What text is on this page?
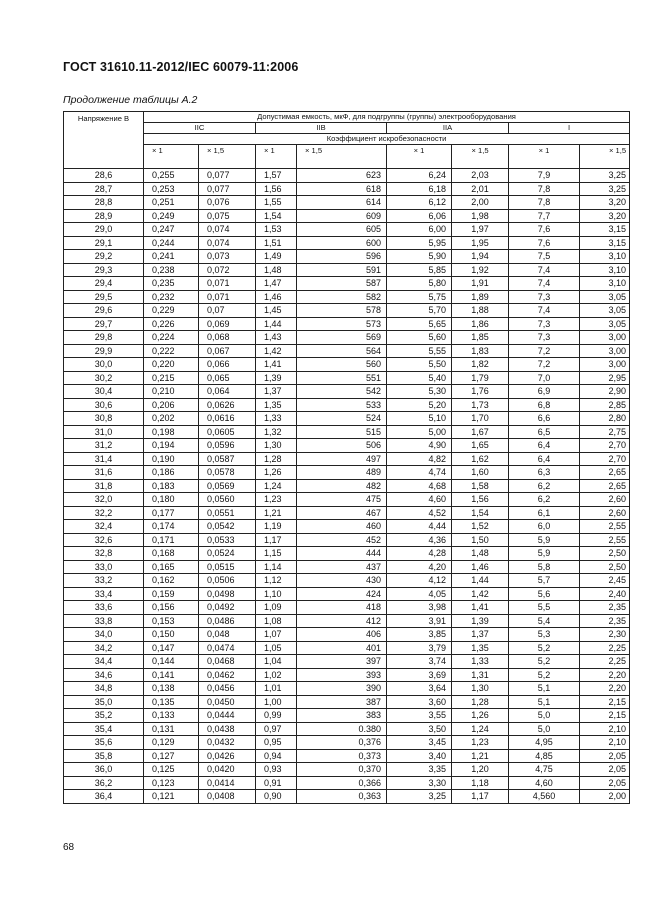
ГОСТ 31610.11-2012/IEC 60079-11:2006
Продолжение таблицы А.2
Напряжение В	Допустимая емкость, мкФ, для подгруппы (группы) электрооборудования							
	IIC		IIB		IIA		I	
	Коэффициент искробезопасности							
	× 1	× 1,5	× 1	× 1,5	× 1	× 1,5	× 1	× 1,5
28,6	0,255	0,077	1,57	623	6,24	2,03	7,9	3,25
28,7	0,253	0,077	1,56	618	6,18	2,01	7,8	3,25
28,8	0,251	0,076	1,55	614	6,12	2,00	7,8	3,20
28,9	0,249	0,075	1,54	609	6,06	1,98	7,7	3,20
29,0	0,247	0,074	1,53	605	6,00	1,97	7,6	3,15
29,1	0,244	0,074	1,51	600	5,95	1,95	7,6	3,15
29,2	0,241	0,073	1,49	596	5,90	1,94	7,5	3,10
29,3	0,238	0,072	1,48	591	5,85	1,92	7,4	3,10
29,4	0,235	0,071	1,47	587	5,80	1,91	7,4	3,10
29,5	0,232	0,071	1,46	582	5,75	1,89	7,3	3,05
29,6	0,229	0,07	1,45	578	5,70	1,88	7,4	3,05
29,7	0,226	0,069	1,44	573	5,65	1,86	7,3	3,05
29,8	0,224	0,068	1,43	569	5,60	1,85	7,3	3,00
29,9	0,222	0,067	1,42	564	5,55	1,83	7,2	3,00
30,0	0,220	0,066	1,41	560	5,50	1,82	7,2	3,00
30,2	0,215	0,065	1,39	551	5,40	1,79	7,0	2,95
30,4	0,210	0,064	1,37	542	5,30	1,76	6,9	2,90
30,6	0,206	0,0626	1,35	533	5,20	1,73	6,8	2,85
30,8	0,202	0,0616	1,33	524	5,10	1,70	6,6	2,80
31,0	0,198	0,0605	1,32	515	5,00	1,67	6,5	2,75
31,2	0,194	0,0596	1,30	506	4,90	1,65	6,4	2,70
31,4	0,190	0,0587	1,28	497	4,82	1,62	6,4	2,70
31,6	0,186	0,0578	1,26	489	4,74	1,60	6,3	2,65
31,8	0,183	0,0569	1,24	482	4,68	1,58	6,2	2,65
32,0	0,180	0,0560	1,23	475	4,60	1,56	6,2	2,60
32,2	0,177	0,0551	1,21	467	4,52	1,54	6,1	2,60
32,4	0,174	0,0542	1,19	460	4,44	1,52	6,0	2,55
32,6	0,171	0,0533	1,17	452	4,36	1,50	5,9	2,55
32,8	0,168	0,0524	1,15	444	4,28	1,48	5,9	2,50
33,0	0,165	0,0515	1,14	437	4,20	1,46	5,8	2,50
33,2	0,162	0,0506	1,12	430	4,12	1,44	5,7	2,45
33,4	0,159	0,0498	1,10	424	4,05	1,42	5,6	2,40
33,6	0,156	0,0492	1,09	418	3,98	1,41	5,5	2,35
33,8	0,153	0,0486	1,08	412	3,91	1,39	5,4	2,35
34,0	0,150	0,048	1,07	406	3,85	1,37	5,3	2,30
34,2	0,147	0,0474	1,05	401	3,79	1,35	5,2	2,25
34,4	0,144	0,0468	1,04	397	3,74	1,33	5,2	2,25
34,6	0,141	0,0462	1,02	393	3,69	1,31	5,2	2,20
34,8	0,138	0,0456	1,01	390	3,64	1,30	5,1	2,20
35,0	0,135	0,0450	1,00	387	3,60	1,28	5,1	2,15
35,2	0,133	0,0444	0,99	383	3,55	1,26	5,0	2,15
35,4	0,131	0,0438	0,97	0.380	3,50	1,24	5,0	2,10
35,6	0,129	0,0432	0,95	0,376	3,45	1,23	4,95	2,10
35,8	0,127	0,0426	0,94	0,373	3,40	1,21	4,85	2,05
36,0	0,125	0,0420	0,93	0,370	3,35	1,20	4,75	2,05
36,2	0,123	0,0414	0,91	0,366	3,30	1,18	4,60	2,05
36,4	0,121	0,0408	0,90	0,363	3,25	1,17	4,560	2,00
68
